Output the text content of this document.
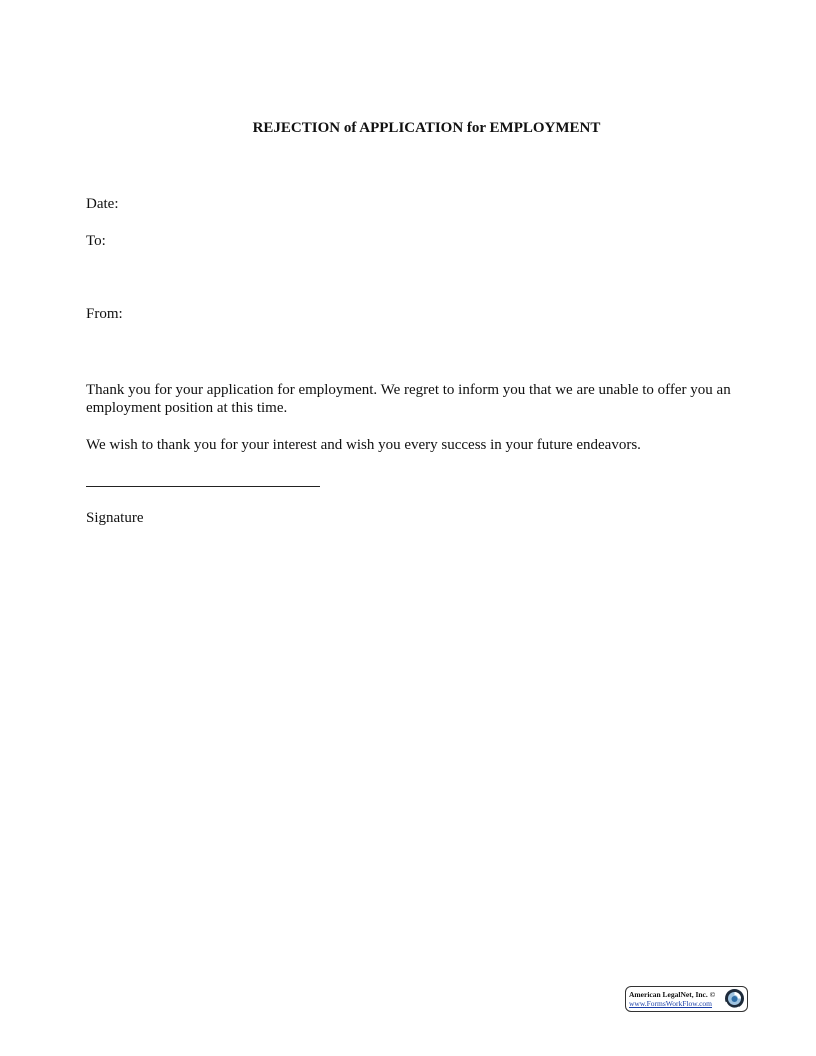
REJECTION of APPLICATION for EMPLOYMENT
Date:
To:
From:
Thank you for your application for employment. We regret to inform you that we are unable to offer you an employment position at this time.
We wish to thank you for your interest and wish you every success in your future endeavors.
Signature
American LegalNet, Inc. ©
www.FormsWorkFlow.com
